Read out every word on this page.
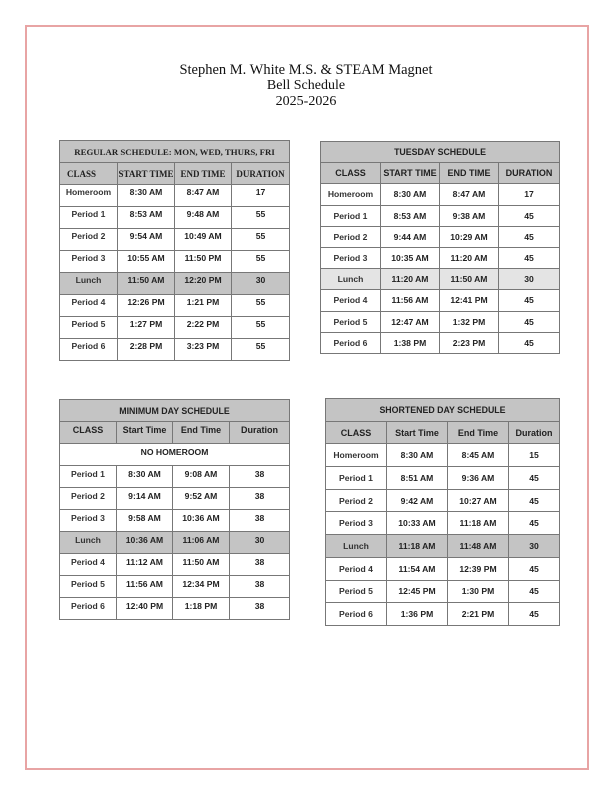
Stephen M. White M.S. & STEAM Magnet
Bell Schedule
2025-2026
REGULAR SCHEDULE: MON, WED, THURS, FRI			
CLASS	START TIME	END TIME	DURATION
Homeroom	8:30 AM	8:47 AM	17
Period 1	8:53 AM	9:48 AM	55
Period 2	9:54 AM	10:49 AM	55
Period 3	10:55 AM	11:50 PM	55
Lunch	11:50 AM	12:20 PM	30
Period 4	12:26 PM	1:21 PM	55
Period 5	1:27 PM	2:22 PM	55
Period 6	2:28 PM	3:23 PM	55
TUESDAY SCHEDULE			
CLASS	START TIME	END TIME	DURATION
Homeroom	8:30 AM	8:47 AM	17
Period 1	8:53 AM	9:38 AM	45
Period 2	9:44 AM	10:29 AM	45
Period 3	10:35 AM	11:20 AM	45
Lunch	11:20 AM	11:50 AM	30
Period 4	11:56 AM	12:41 PM	45
Period 5	12:47 AM	1:32 PM	45
Period 6	1:38 PM	2:23 PM	45
MINIMUM DAY SCHEDULE			
CLASS	Start Time	End Time	Duration
NO HOMEROOM			
Period 1	8:30 AM	9:08 AM	38
Period 2	9:14 AM	9:52 AM	38
Period 3	9:58 AM	10:36 AM	38
Lunch	10:36 AM	11:06 AM	30
Period 4	11:12 AM	11:50 AM	38
Period 5	11:56 AM	12:34 PM	38
Period 6	12:40 PM	1:18 PM	38
SHORTENED DAY SCHEDULE			
CLASS	Start Time	End Time	Duration
Homeroom	8:30 AM	8:45 AM	15
Period 1	8:51 AM	9:36 AM	45
Period 2	9:42 AM	10:27 AM	45
Period 3	10:33 AM	11:18 AM	45
Lunch	11:18 AM	11:48 AM	30
Period 4	11:54 AM	12:39 PM	45
Period 5	12:45 PM	1:30 PM	45
Period 6	1:36 PM	2:21 PM	45
